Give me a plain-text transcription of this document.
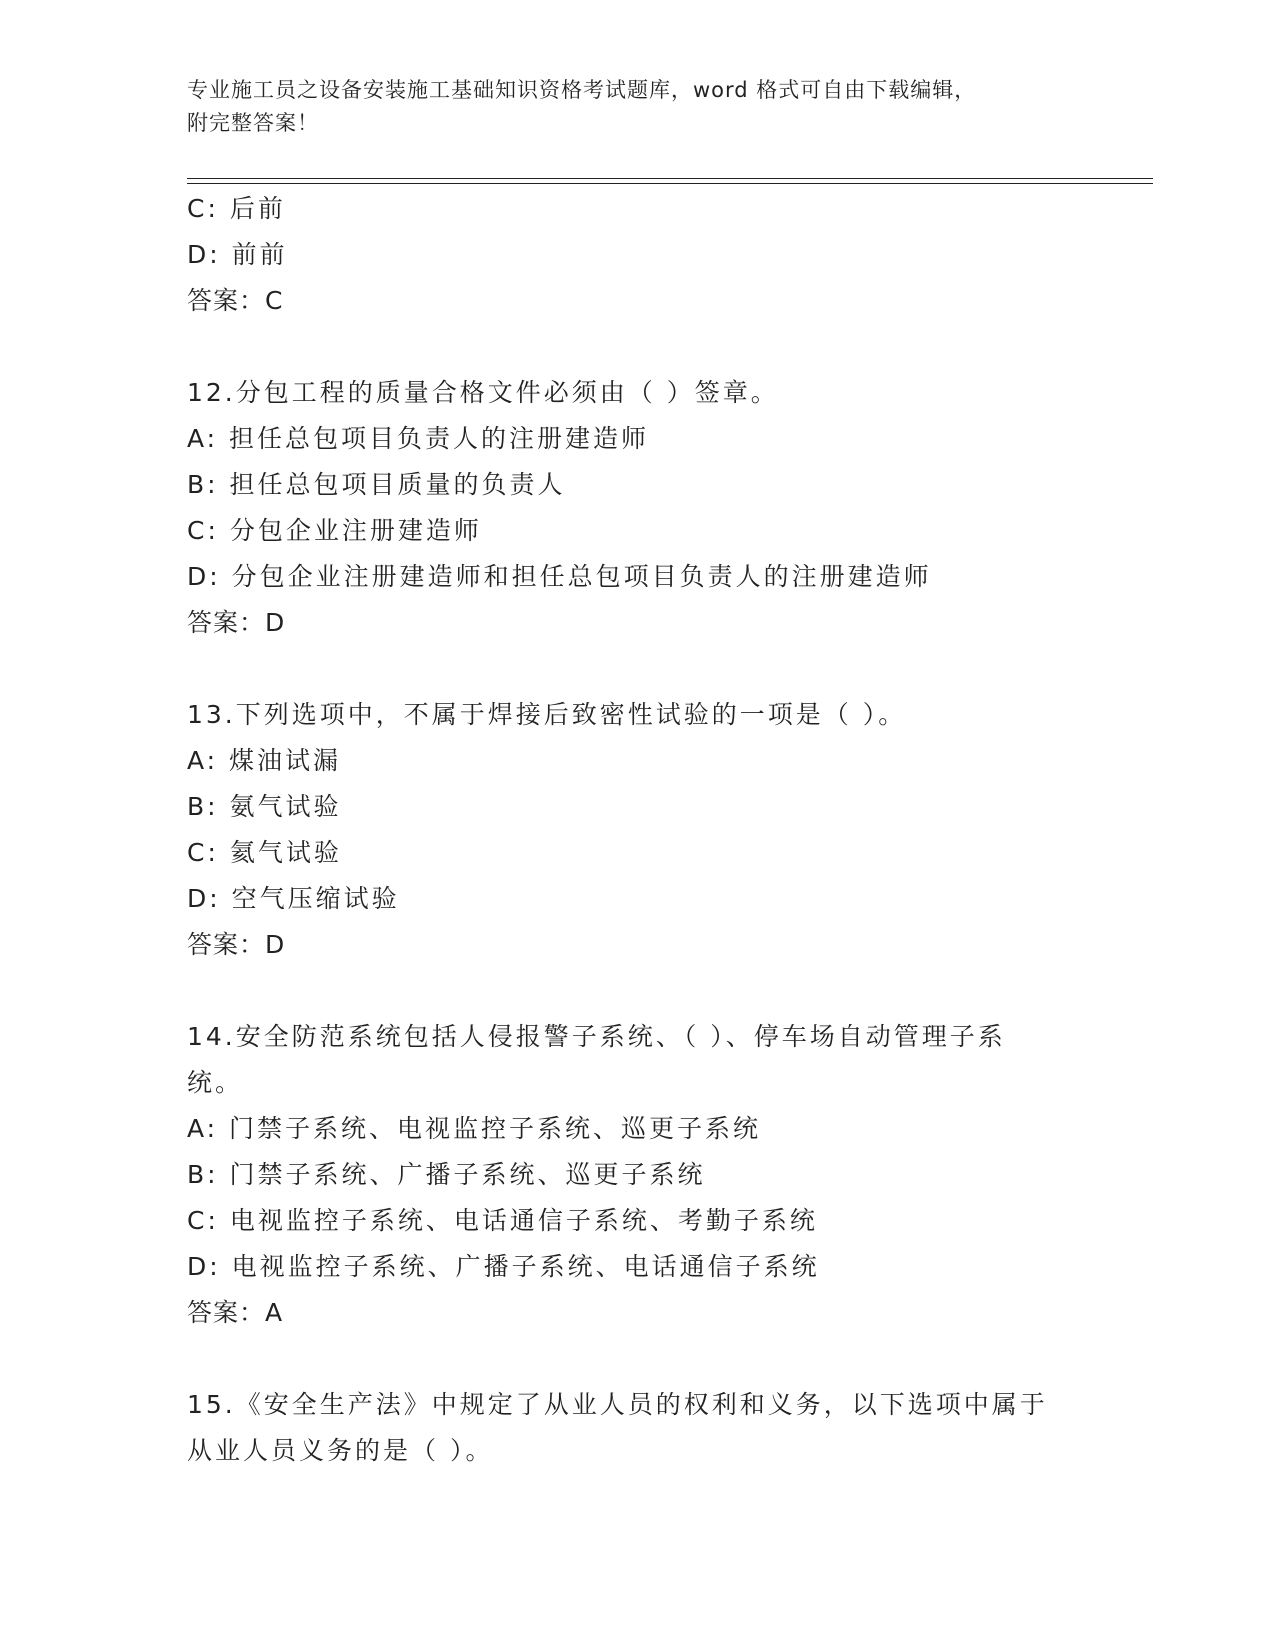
专业施工员之设备安装施工基础知识资格考试题库，word 格式可自由下载编辑，
附完整答案！
C: 后前
D: 前前
答案：C
12.分包工程的质量合格文件必须由（ ）签章。
A: 担任总包项目负责人的注册建造师
B: 担任总包项目质量的负责人
C: 分包企业注册建造师
D: 分包企业注册建造师和担任总包项目负责人的注册建造师
答案：D
13.下列选项中，不属于焊接后致密性试验的一项是（ ）。
A: 煤油试漏
B: 氨气试验
C: 氦气试验
D: 空气压缩试验
答案：D
14.安全防范系统包括人侵报警子系统、（ ）、停车场自动管理子系
统。
A: 门禁子系统、电视监控子系统、巡更子系统
B: 门禁子系统、广播子系统、巡更子系统
C: 电视监控子系统、电话通信子系统、考勤子系统
D: 电视监控子系统、广播子系统、电话通信子系统
答案：A
15.《安全生产法》中规定了从业人员的权利和义务，以下选项中属于
从业人员义务的是（ ）。
